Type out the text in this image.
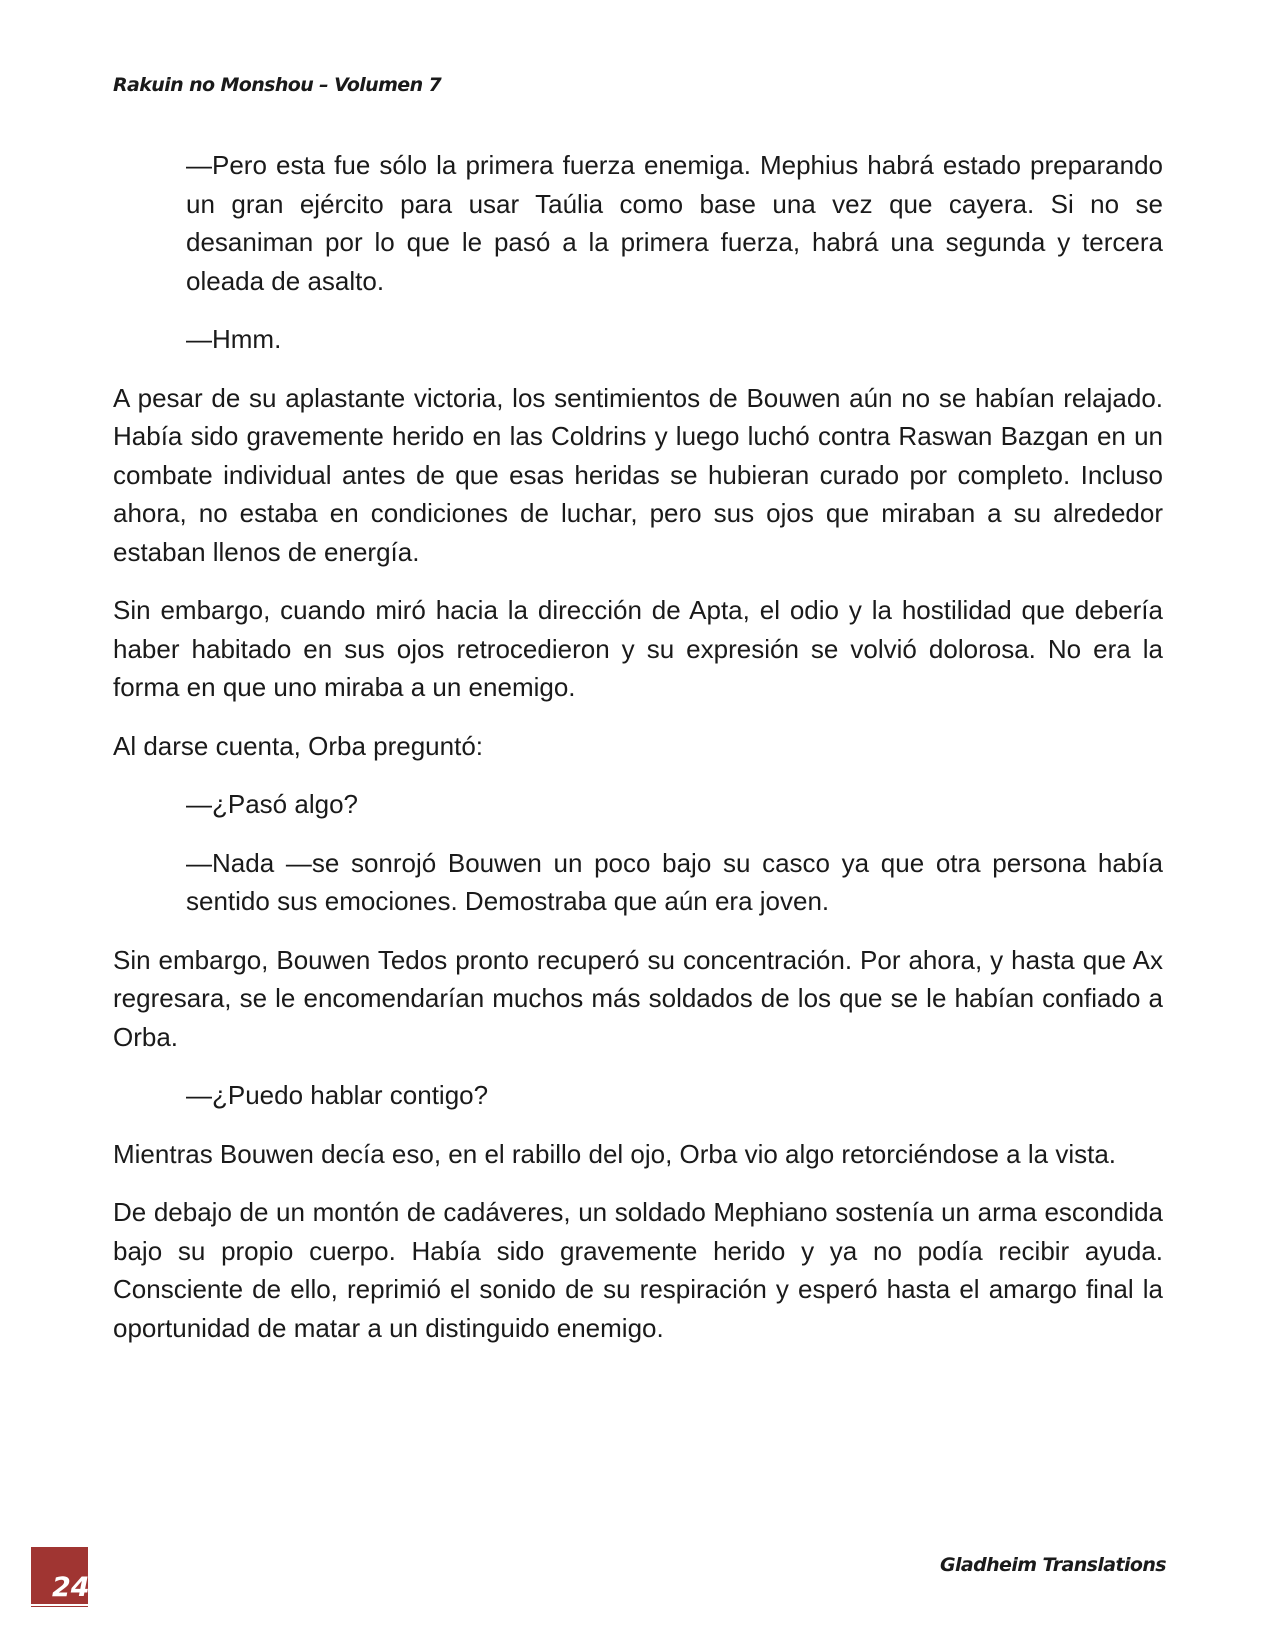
Rakuin no Monshou – Volumen 7

—Pero esta fue sólo la primera fuerza enemiga. Mephius habrá estado preparando un gran ejército para usar Taúlia como base una vez que cayera. Si no se desaniman por lo que le pasó a la primera fuerza, habrá una segunda y tercera oleada de asalto.

—Hmm.

A pesar de su aplastante victoria, los sentimientos de Bouwen aún no se habían relajado. Había sido gravemente herido en las Coldrins y luego luchó contra Raswan Bazgan en un combate individual antes de que esas heridas se hubieran curado por completo. Incluso ahora, no estaba en condiciones de luchar, pero sus ojos que miraban a su alrededor estaban llenos de energía.

Sin embargo, cuando miró hacia la dirección de Apta, el odio y la hostilidad que debería haber habitado en sus ojos retrocedieron y su expresión se volvió dolorosa. No era la forma en que uno miraba a un enemigo.

Al darse cuenta, Orba preguntó:

—¿Pasó algo?

—Nada —se sonrojó Bouwen un poco bajo su casco ya que otra persona había sentido sus emociones. Demostraba que aún era joven.

Sin embargo, Bouwen Tedos pronto recuperó su concentración. Por ahora, y hasta que Ax regresara, se le encomendarían muchos más soldados de los que se le habían confiado a Orba.

—¿Puedo hablar contigo?

Mientras Bouwen decía eso, en el rabillo del ojo, Orba vio algo retorciéndose a la vista.

De debajo de un montón de cadáveres, un soldado Mephiano sostenía un arma escondida bajo su propio cuerpo. Había sido gravemente herido y ya no podía recibir ayuda. Consciente de ello, reprimió el sonido de su respiración y esperó hasta el amargo final la oportunidad de matar a un distinguido enemigo.

24
Gladheim Translations
